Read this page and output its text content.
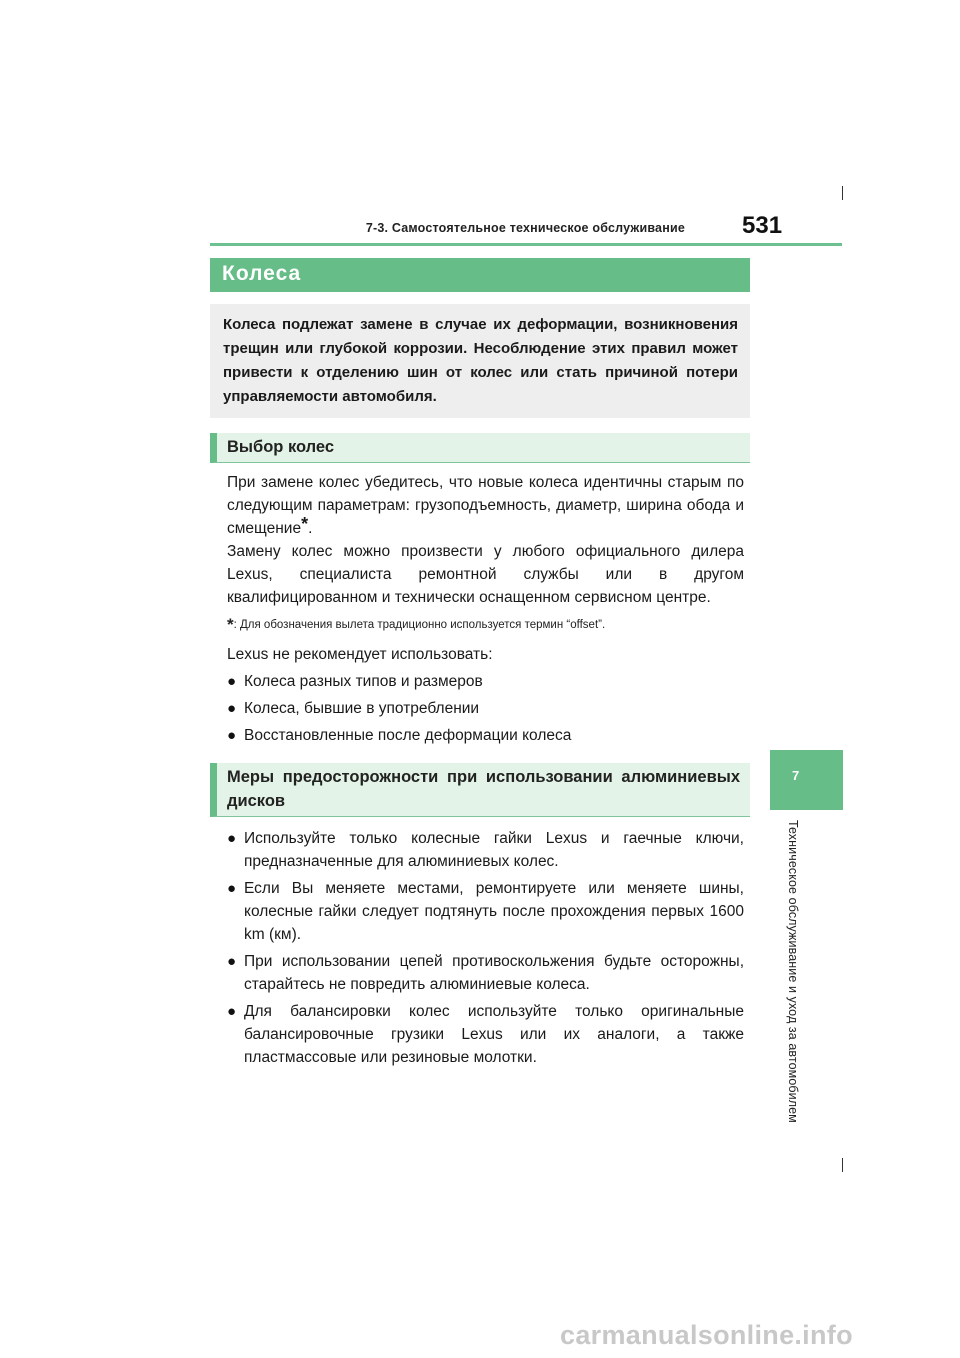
7-3. Самостоятельное техническое обслуживание 531
7
Техническое обслуживание и уход за автомобилем
Колеса
Колеса подлежат замене в случае их деформации, возникновения трещин или глубокой коррозии. Несоблюдение этих правил может привести к отделению шин от колес или стать причиной потери управляемости автомобиля.
Выбор колес

При замене колес убедитесь, что новые колеса идентичны старым по следующим параметрам: грузоподъемность, диаметр, ширина обода и смещение*.

Замену колес можно произвести у любого официального дилера Lexus, специалиста ремонтной службы или в другом квалифицированном и технически оснащенном сервисном центре.

*: Для обозначения вылета традиционно используется термин “offset”.

Lexus не рекомендует использовать:

● Колеса разных типов и размеров
● Колеса, бывшие в употреблении
● Восстановленные после деформации колеса
Меры предосторожности при использовании алюминиевых дисков
● Используйте только колесные гайки Lexus и гаечные ключи, предназначенные для алюминиевых колес.
● Если Вы меняете местами, ремонтируете или меняете шины, колесные гайки следует подтянуть после прохождения первых 1600 km (км).
● При использовании цепей противоскольжения будьте осторожны, старайтесь не повредить алюминиевые колеса.
● Для балансировки колес используйте только оригинальные балансировочные грузики Lexus или их аналоги, а также пластмассовые или резиновые молотки.
carmanualsonline.info
